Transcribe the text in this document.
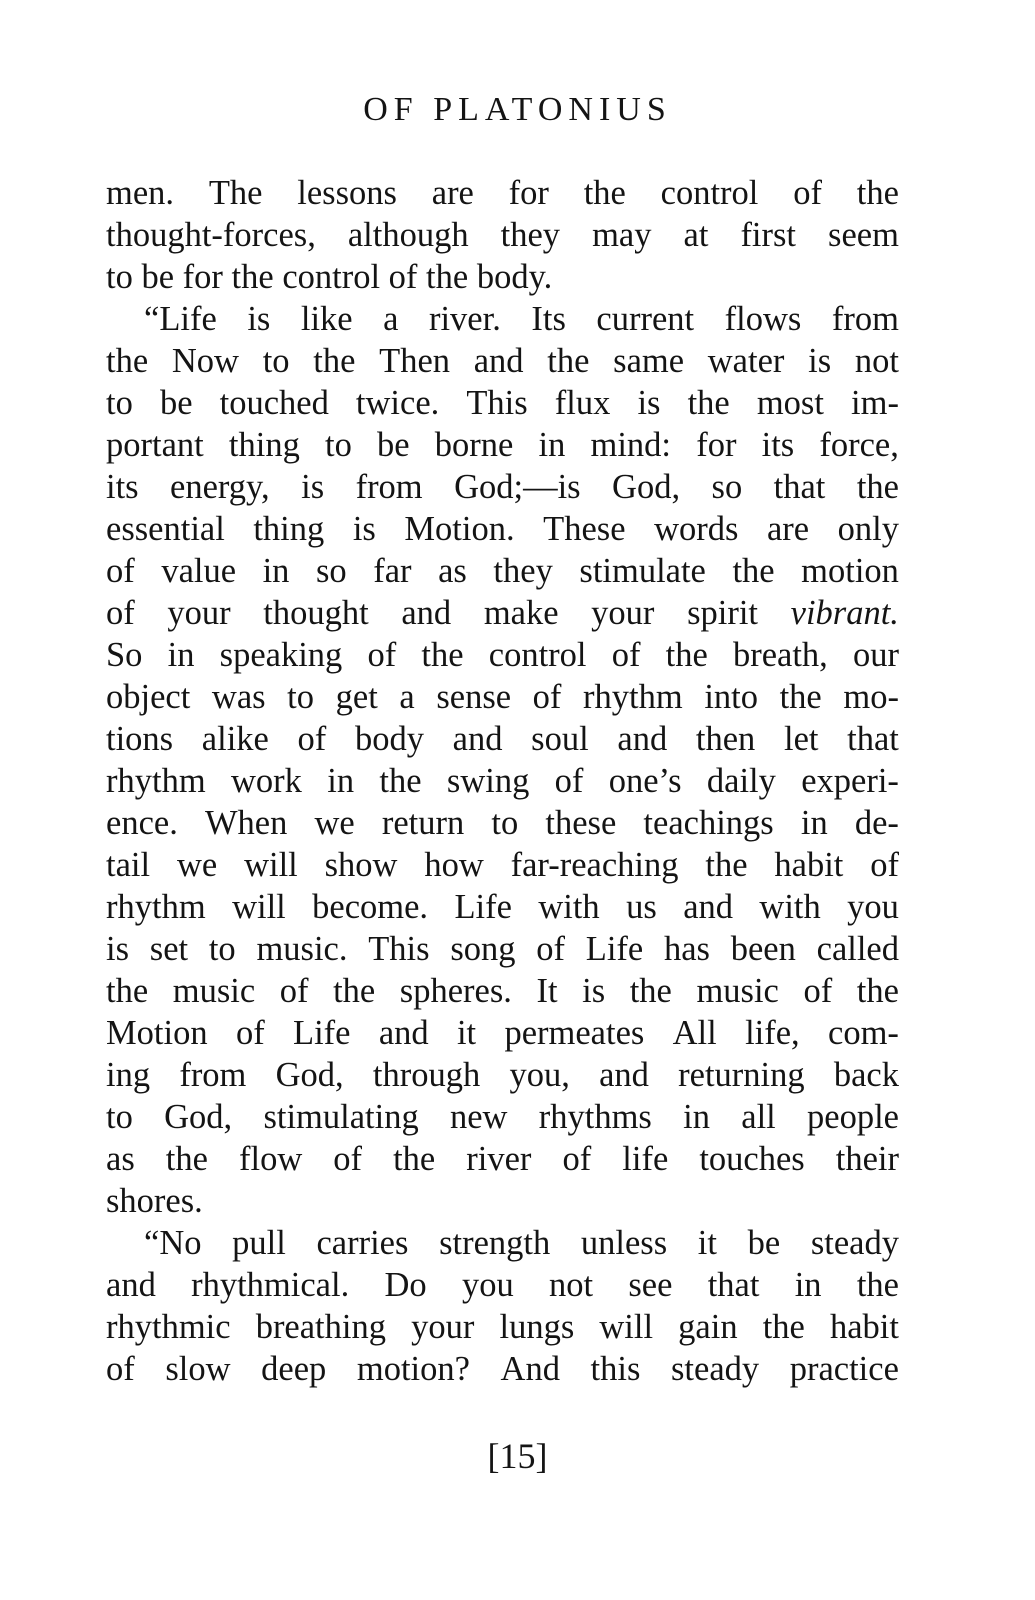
OF PLATONIUS
men. The lessons are for the control of the
thought-forces, although they may at first seem
to
be
for
the
control
of
the
body.
“Life is like a river. Its current flows from
the Now to the Then and the same water is not
to be touched twice. This flux is the most im-
portant thing to be borne in mind: for its force,
its energy, is from God;—is God, so that the
essential thing is Motion. These words are only
of value in so far as they stimulate the motion
of your thought and make your spirit vibrant.
So in speaking of the control of the breath, our
object was to get a sense of rhythm into the mo-
tions alike of body and soul and then let that
rhythm work in the swing of one’s daily experi-
ence. When we return to these teachings in de-
tail we will show how far-reaching the habit of
rhythm will become. Life with us and with you
is set to music. This song of Life has been called
the music of the spheres. It is the music of the
Motion of Life and it permeates All life, com-
ing from God, through you, and returning back
to God, stimulating new rhythms in all people
as the flow of the river of life touches their
shores.
“No pull carries strength unless it be steady
and rhythmical. Do you not see that in the
rhythmic breathing your lungs will gain the habit
of slow deep motion? And this steady practice
[15]
